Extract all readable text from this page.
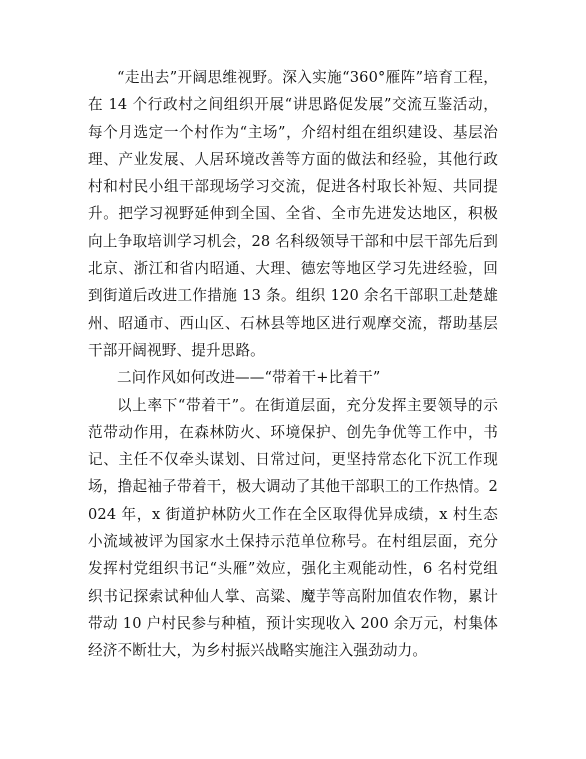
“走出去”开阔思维视野。深入实施“360°雁阵”培育工程，在 14 个行政村之间组织开展“讲思路促发展”交流互鉴活动，每个月选定一个村作为“主场”，介绍村组在组织建设、基层治理、产业发展、人居环境改善等方面的做法和经验，其他行政村和村民小组干部现场学习交流，促进各村取长补短、共同提升。把学习视野延伸到全国、全省、全市先进发达地区，积极向上争取培训学习机会，28 名科级领导干部和中层干部先后到北京、浙江和省内昭通、大理、德宏等地区学习先进经验，回到街道后改进工作措施 13 条。组织 120 余名干部职工赴楚雄州、昭通市、西山区、石林县等地区进行观摩交流，帮助基层干部开阔视野、提升思路。

二问作风如何改进——“带着干+比着干”

以上率下“带着干”。在街道层面，充分发挥主要领导的示范带动作用，在森林防火、环境保护、创先争优等工作中，书记、主任不仅牵头谋划、日常过问，更坚持常态化下沉工作现场，撸起袖子带着干，极大调动了其他干部职工的工作热情。2024 年，x 街道护林防火工作在全区取得优异成绩，x 村生态小流域被评为国家水土保持示范单位称号。在村组层面，充分发挥村党组织书记“头雁”效应，强化主观能动性，6 名村党组织书记探索试种仙人掌、高粱、魔芋等高附加值农作物，累计带动 10 户村民参与种植，预计实现收入 200 余万元，村集体经济不断壮大，为乡村振兴战略实施注入强劲动力。
